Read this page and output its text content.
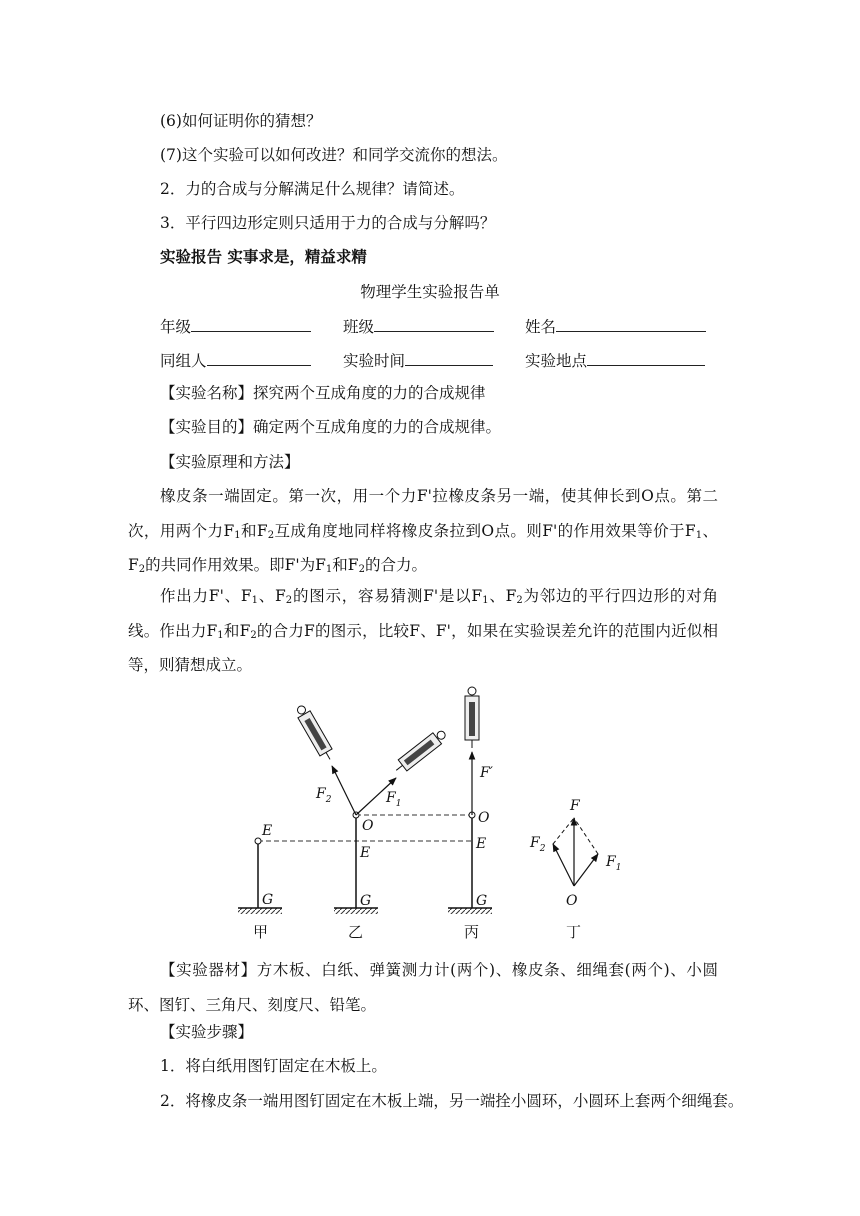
(6)如何证明你的猜想？
(7)这个实验可以如何改进？和同学交流你的想法。
2．力的合成与分解满足什么规律？请简述。
3．平行四边形定则只适用于力的合成与分解吗？
实验报告 实事求是，精益求精
物理学生实验报告单
年级	班级	姓名
同组人	实验时间	实验地点
【实验名称】探究两个互成角度的力的合成规律
【实验目的】确定两个互成角度的力的合成规律。
【实验原理和方法】
橡皮条一端固定。第一次，用一个力F'拉橡皮条另一端，使其伸长到O点。第二次，用两个力$F_1$和$F_2$互成角度地同样将橡皮条拉到O点。则F'的作用效果等价于$F_1$、$F_2$的共同作用效果。即F'为$F_1$和$F_2$的合力。
作出力F'、$F_1$、$F_2$的图示，容易猜测F'是以$F_1$、$F_2$为邻边的平行四边形的对角线。作出力$F_1$和$F_2$的合力F的图示，比较F、F'，如果在实验误差允许的范围内近似相等，则猜想成立。
E
G
O
E
G
$F_2$	$F_1$
F′
O
E
G
F
$F_2$
$F_1$
O
甲	乙	丙	丁
【实验器材】方木板、白纸、弹簧测力计(两个)、橡皮条、细绳套(两个)、小圆环、图钉、三角尺、刻度尺、铅笔。
【实验步骤】
1．将白纸用图钉固定在木板上。
2．将橡皮条一端用图钉固定在木板上端，另一端拴小圆环，小圆环上套两个细绳套。
